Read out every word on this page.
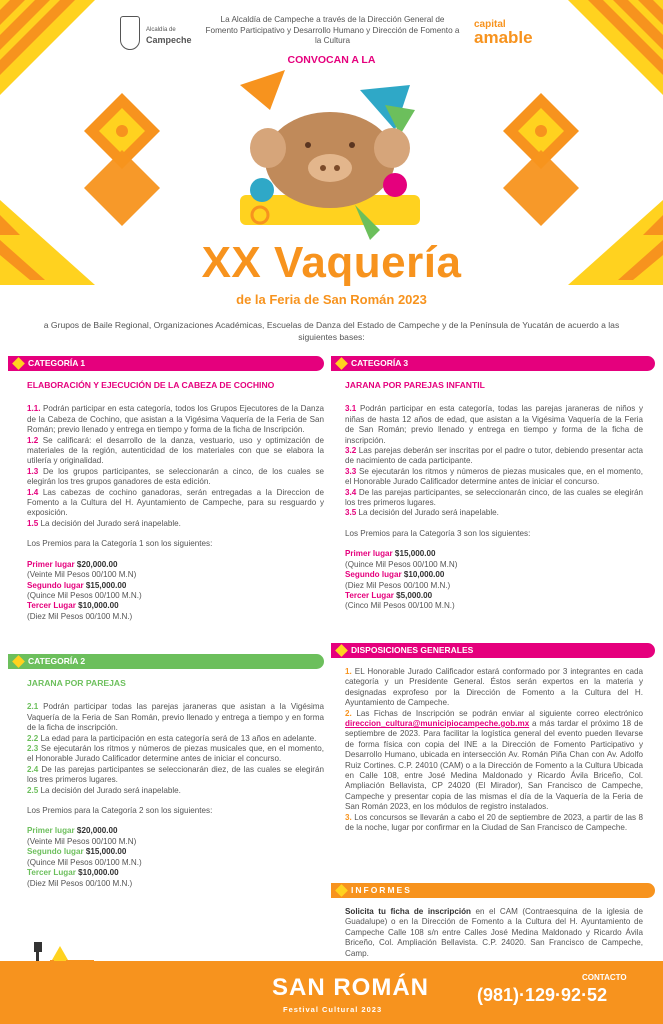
Alcaldía de
Campeche
La Alcaldía de Campeche a través de la Dirección General de Fomento Participativo y Desarrollo Humano y Dirección de Fomento a la Cultura
capital
amable
CONVOCAN A LA
XX Vaquería
de la Feria de San Román 2023
a Grupos de Baile Regional, Organizaciones Académicas, Escuelas de Danza del Estado de Campeche y de la Península de Yucatán de acuerdo a las siguientes bases:
CATEGORÍA 1
ELABORACIÓN Y EJECUCIÓN DE LA CABEZA DE COCHINO
1.1. Podrán participar en esta categoría, todos los Grupos Ejecutores de la Danza de la Cabeza de Cochino, que asistan a la Vigésima Vaquería de la Feria de San Román; previo llenado y entrega en tiempo y forma de la ficha de Inscripción.
1.2 Se calificará: el desarrollo de la danza, vestuario, uso y optimización de materiales de la región, autenticidad de los materiales con que se elabora la utilería y originalidad.
1.3 De los grupos participantes, se seleccionarán a cinco, de los cuales se elegirán los tres grupos ganadores de esta edición.
1.4 Las cabezas de cochino ganadoras, serán entregadas a la Direccion de Fomento a la Cultura del H. Ayuntamiento de Campeche, para su resguardo y exposición.
1.5 La decisión del Jurado será inapelable.
Los Premios para la Categoría 1 son los siguientes:
Primer lugar $20,000.00
(Veinte Mil Pesos 00/100 M.N)
Segundo lugar $15,000.00
(Quince Mil Pesos 00/100 M.N.)
Tercer Lugar $10,000.00
(Diez Mil Pesos 00/100 M.N.)
CATEGORÍA 2
JARANA POR PAREJAS
2.1 Podrán participar todas las parejas jaraneras que asistan a la Vigésima Vaquería de la Feria de San Román, previo llenado y entrega a tiempo y en forma de la ficha de inscripción.
2.2 La edad para la participación en esta categoría será de 13 años en adelante.
2.3 Se ejecutarán los ritmos y números de piezas musicales que, en el momento, el Honorable Jurado Calificador determine antes de iniciar el concurso.
2.4 De las parejas participantes se seleccionarán diez, de las cuales se elegirán los tres primeros lugares.
2.5 La decisión del Jurado será inapelable.
Los Premios para la Categoría 2 son los siguientes:
Primer lugar $20,000.00
(Veinte Mil Pesos 00/100 M.N)
Segundo lugar $15,000.00
(Quince Mil Pesos 00/100 M.N.)
Tercer Lugar $10,000.00
(Diez Mil Pesos 00/100 M.N.)
CATEGORÍA 3
JARANA POR PAREJAS INFANTIL
3.1 Podrán participar en esta categoría, todas las parejas jaraneras de niños y niñas de hasta 12 años de edad, que asistan a la Vigésima Vaquería de la Feria de San Román; previo llenado y entrega en tiempo y forma de la ficha de inscripción.
3.2 Las parejas deberán ser inscritas por el padre o tutor, debiendo presentar acta de nacimiento de cada participante.
3.3 Se ejecutarán los ritmos y números de piezas musicales que, en el momento, el Honorable Jurado Calificador determine antes de iniciar el concurso.
3.4 De las parejas participantes, se seleccionarán cinco, de las cuales se elegirán los tres primeros lugares.
3.5 La decisión del Jurado será inapelable.
Los Premios para la Categoría 3 son los siguientes:
Primer lugar $15,000.00
(Quince Mil Pesos 00/100 M.N)
Segundo lugar $10,000.00
(Diez Mil Pesos 00/100 M.N.)
Tercer Lugar $5,000.00
(Cinco Mil Pesos 00/100 M.N.)
DISPOSICIONES GENERALES
1. EL Honorable Jurado Calificador estará conformado por 3 integrantes en cada categoría y un Presidente General. Éstos serán expertos en la materia y designadas exprofeso por la Dirección de Fomento a la Cultura del H. Ayuntamiento de Campeche.
2. Las Fichas de Inscripción se podrán enviar al siguiente correo electrónico direccion_cultura@municipiocampeche.gob.mx a más tardar el próximo 18 de septiembre de 2023. Para facilitar la logística general del evento pueden llevarse de forma física con copia del INE a la Dirección de Fomento Participativo y Desarrollo Humano, ubicada en intersección Av. Román Piña Chan con Av. Adolfo Ruiz Cortines. C.P. 24010 (CAM) o a la Dirección de Fomento a la Cultura Ubicada en Calle 108, entre José Medina Maldonado y Ricardo Ávila Briceño, Col. Ampliación Bellavista, CP 24020 (El Mirador), San Francisco de Campeche, Campeche y presentar copia de las mismas el día de la Vaquería de la Feria de San Román 2023, en los módulos de registro instalados.
3. Los concursos se llevarán a cabo el 20 de septiembre de 2023, a partir de las 8 de la noche, lugar por confirmar en la Ciudad de San Francisco de Campeche.
INFORMES
Solicita tu ficha de inscripción en el CAM (Contraesquina de la iglesia de Guadalupe) o en la Dirección de Fomento a la Cultura del H. Ayuntamiento de Campeche Calle 108 s/n entre Calles José Medina Maldonado y Ricardo Ávila Briceño, Col. Ampliación Bellavista. C.P. 24020. San Francisco de Campeche, Camp.
SAN ROMÁN
Festival Cultural 2023
CONTACTO
(981)·129·92·52
